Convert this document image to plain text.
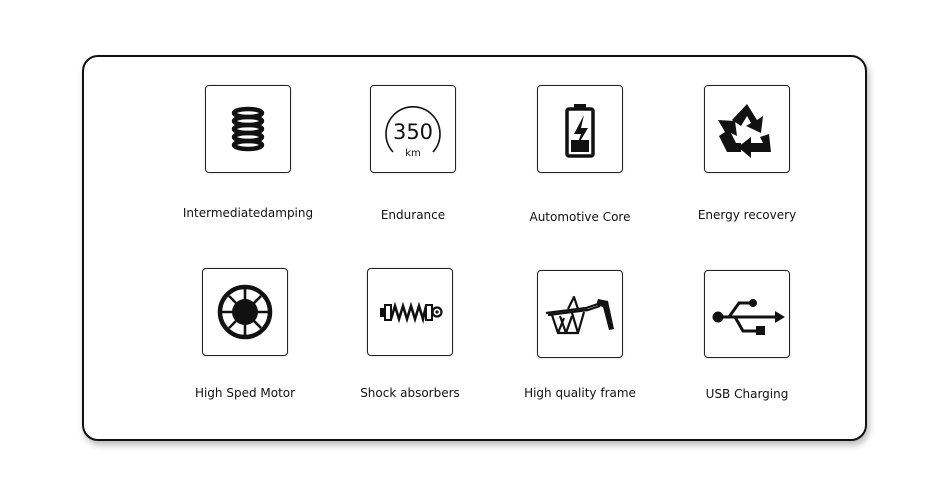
Intermediatedamping
350
km
Endurance	Automotive Core	Energy recovery
High Sped Motor	Shock absorbers	High quality frame	USB Charging
